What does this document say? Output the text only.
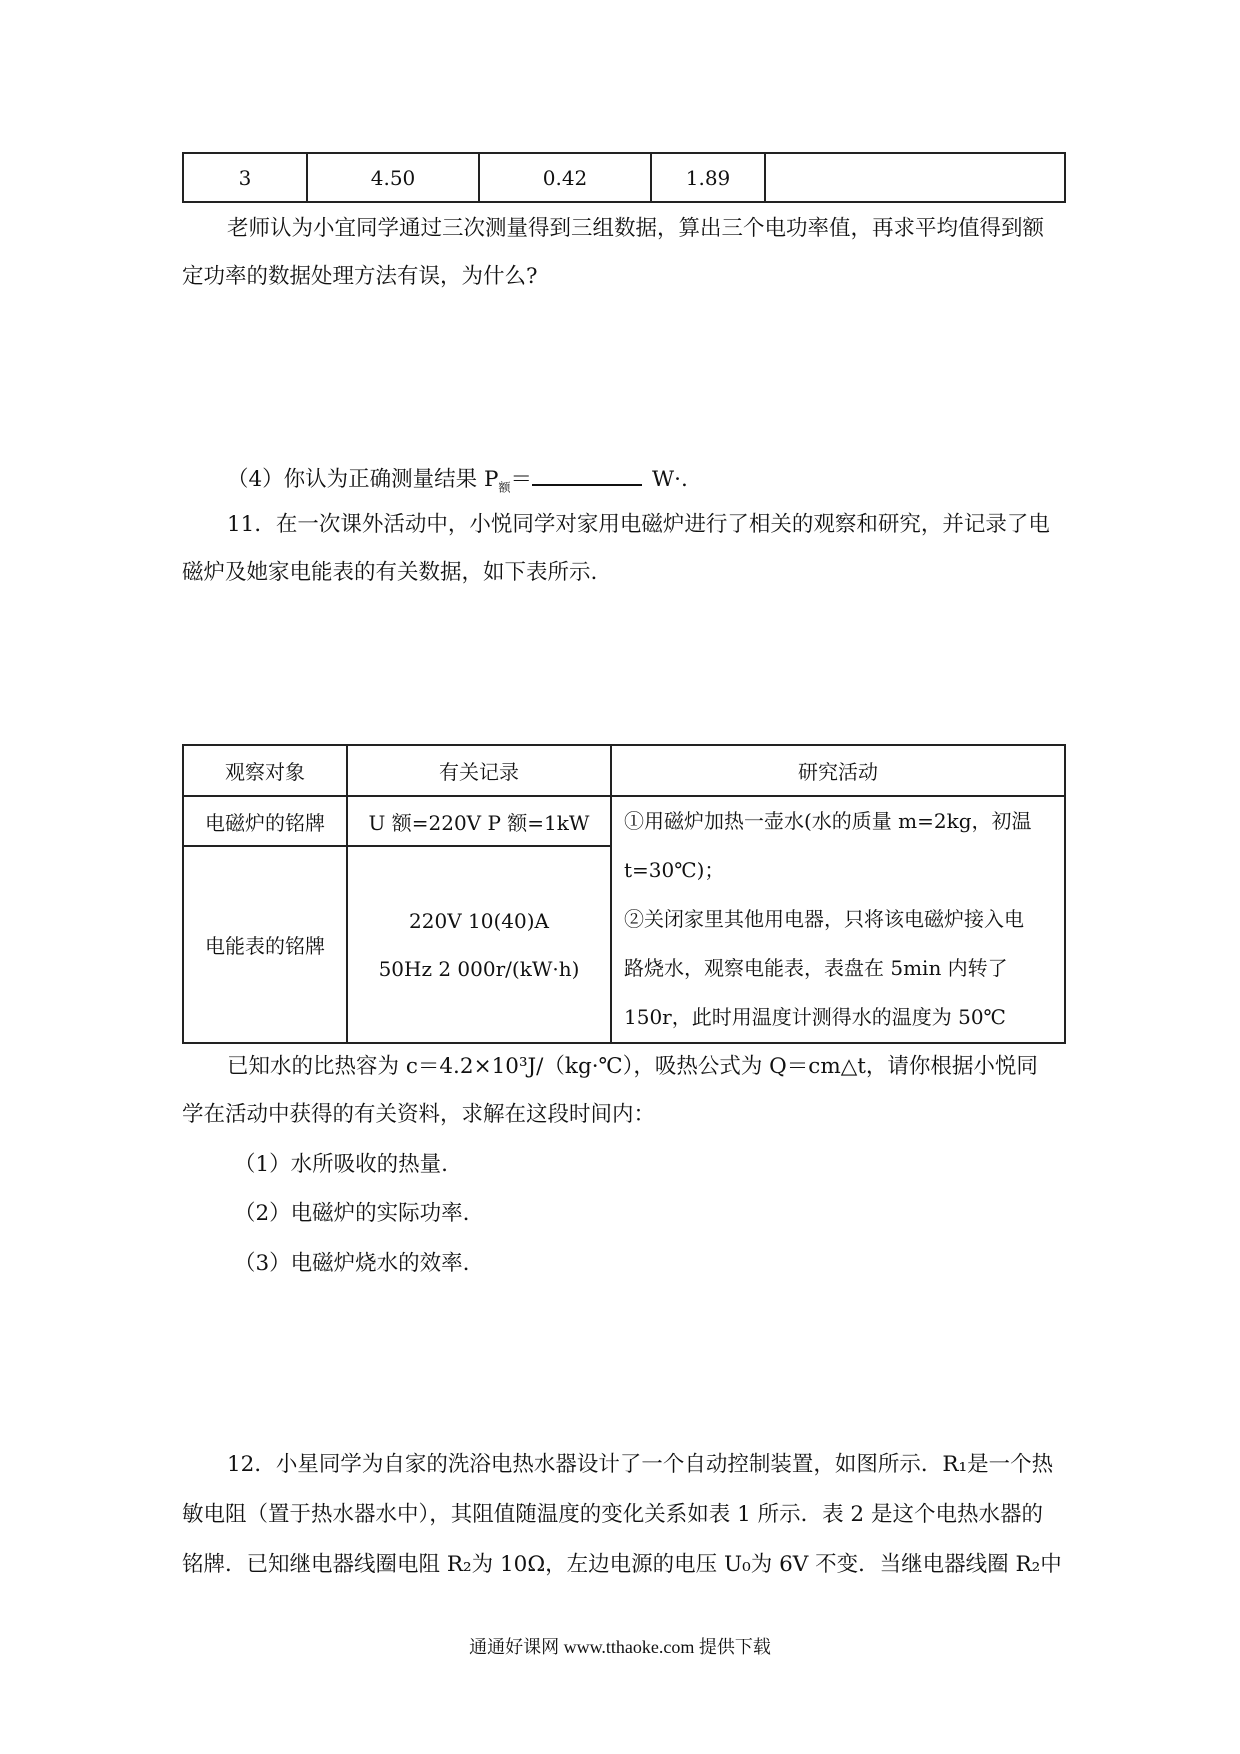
3	4.50	0.42	1.89	
老师认为小宜同学通过三次测量得到三组数据，算出三个电功率值，再求平均值得到额
定功率的数据处理方法有误，为什么?
（4）你认为正确测量结果 $P_额=$	W·.
11．在一次课外活动中，小悦同学对家用电磁炉进行了相关的观察和研究，并记录了电
磁炉及她家电能表的有关数据，如下表所示.
观察对象	有关记录	研究活动
电磁炉的铭牌	U 额=220V P 额=1kW	①用磁炉加热一壶水(水的质量 m=2kg，初温
t=30℃)；
②关闭家里其他用电器，只将该电磁炉接入电
路烧水，观察电能表，表盘在 5min 内转了
150r，此时用温度计测得水的温度为 50℃

电能表的铭牌	220V 10(40)A
50Hz 2 000r/(kW·h)	
已知水的比热容为 c＝4.2×10³J/（kg·℃），吸热公式为 Q＝cm△t，请你根据小悦同
学在活动中获得的有关资料，求解在这段时间内：
（1）水所吸收的热量.
（2）电磁炉的实际功率.
（3）电磁炉烧水的效率.
12．小星同学为自家的洗浴电热水器设计了一个自动控制装置，如图所示．R₁是一个热
敏电阻（置于热水器水中），其阻值随温度的变化关系如表 1 所示．表 2 是这个电热水器的
铭牌．已知继电器线圈电阻 R₂为 10Ω，左边电源的电压 U₀为 6V 不变．当继电器线圈 R₂中
通通好课网 www.tthaoke.com 提供下载
